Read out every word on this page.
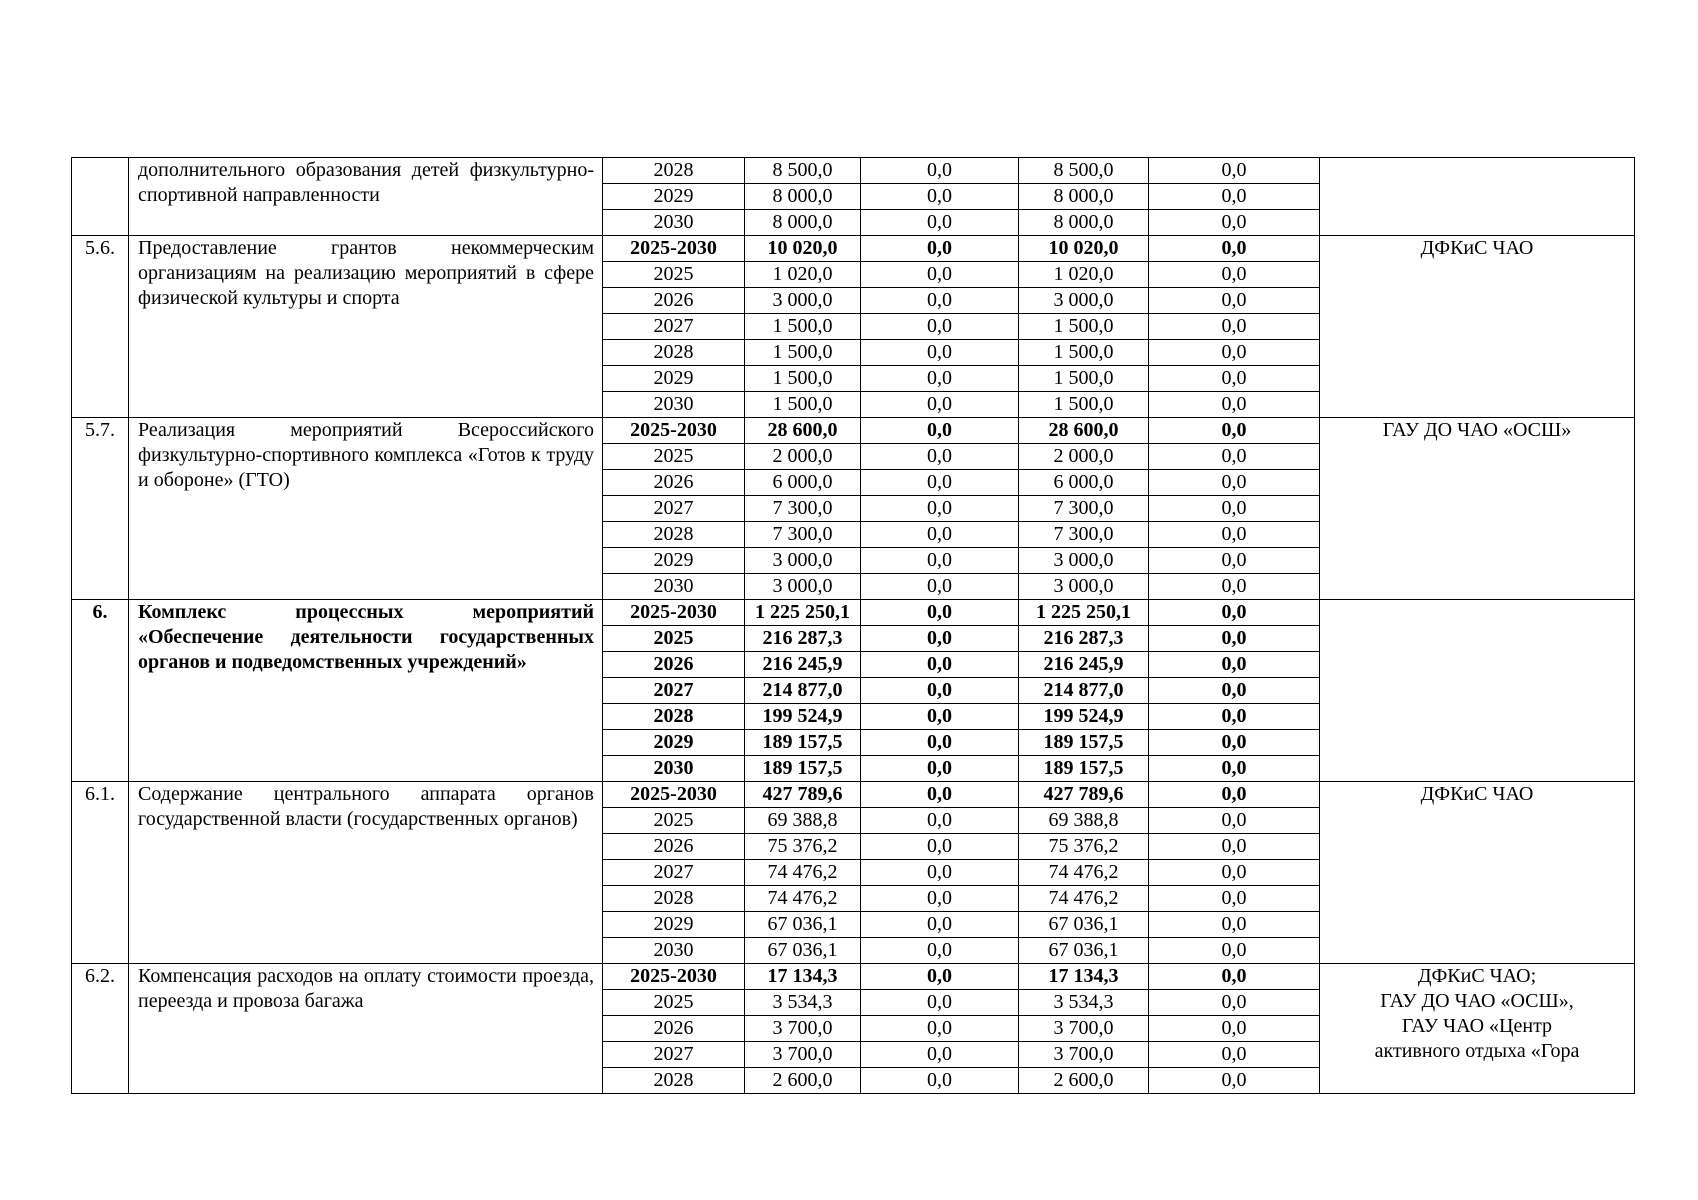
	дополнительного образования детей физкультурно-спортивной направленности	2028	8 500,0	0,0	8 500,0	0,0	
		2029	8 000,0	0,0	8 000,0	0,0	
		2030	8 000,0	0,0	8 000,0	0,0	
5.6.	Предоставление грантов некоммерческим организациям на реализацию мероприятий в сфере физической культуры и спорта	2025-2030	10 020,0	0,0	10 020,0	0,0	ДФКиС ЧАО
		2025	1 020,0	0,0	1 020,0	0,0	
		2026	3 000,0	0,0	3 000,0	0,0	
		2027	1 500,0	0,0	1 500,0	0,0	
		2028	1 500,0	0,0	1 500,0	0,0	
		2029	1 500,0	0,0	1 500,0	0,0	
		2030	1 500,0	0,0	1 500,0	0,0	
5.7.	Реализация мероприятий Всероссийского физкультурно-спортивного комплекса «Готов к труду и обороне» (ГТО)	2025-2030	28 600,0	0,0	28 600,0	0,0	ГАУ ДО ЧАО «ОСШ»
		2025	2 000,0	0,0	2 000,0	0,0	
		2026	6 000,0	0,0	6 000,0	0,0	
		2027	7 300,0	0,0	7 300,0	0,0	
		2028	7 300,0	0,0	7 300,0	0,0	
		2029	3 000,0	0,0	3 000,0	0,0	
		2030	3 000,0	0,0	3 000,0	0,0	
6.	Комплекс процессных мероприятий «Обеспечение деятельности государственных органов и подведомственных учреждений»	2025-2030	1 225 250,1	0,0	1 225 250,1	0,0	
		2025	216 287,3	0,0	216 287,3	0,0	
		2026	216 245,9	0,0	216 245,9	0,0	
		2027	214 877,0	0,0	214 877,0	0,0	
		2028	199 524,9	0,0	199 524,9	0,0	
		2029	189 157,5	0,0	189 157,5	0,0	
		2030	189 157,5	0,0	189 157,5	0,0	
6.1.	Содержание центрального аппарата органов государственной власти (государственных органов)	2025-2030	427 789,6	0,0	427 789,6	0,0	ДФКиС ЧАО
		2025	69 388,8	0,0	69 388,8	0,0	
		2026	75 376,2	0,0	75 376,2	0,0	
		2027	74 476,2	0,0	74 476,2	0,0	
		2028	74 476,2	0,0	74 476,2	0,0	
		2029	67 036,1	0,0	67 036,1	0,0	
		2030	67 036,1	0,0	67 036,1	0,0	
6.2.	Компенсация расходов на оплату стоимости проезда, переезда и провоза багажа	2025-2030	17 134,3	0,0	17 134,3	0,0	ДФКиС ЧАО;
ГАУ ДО ЧАО «ОСШ»,
ГАУ ЧАО «Центр
активного отдыха «Гора

		2025	3 534,3	0,0	3 534,3	0,0	
		2026	3 700,0	0,0	3 700,0	0,0	
		2027	3 700,0	0,0	3 700,0	0,0	
		2028	2 600,0	0,0	2 600,0	0,0	
